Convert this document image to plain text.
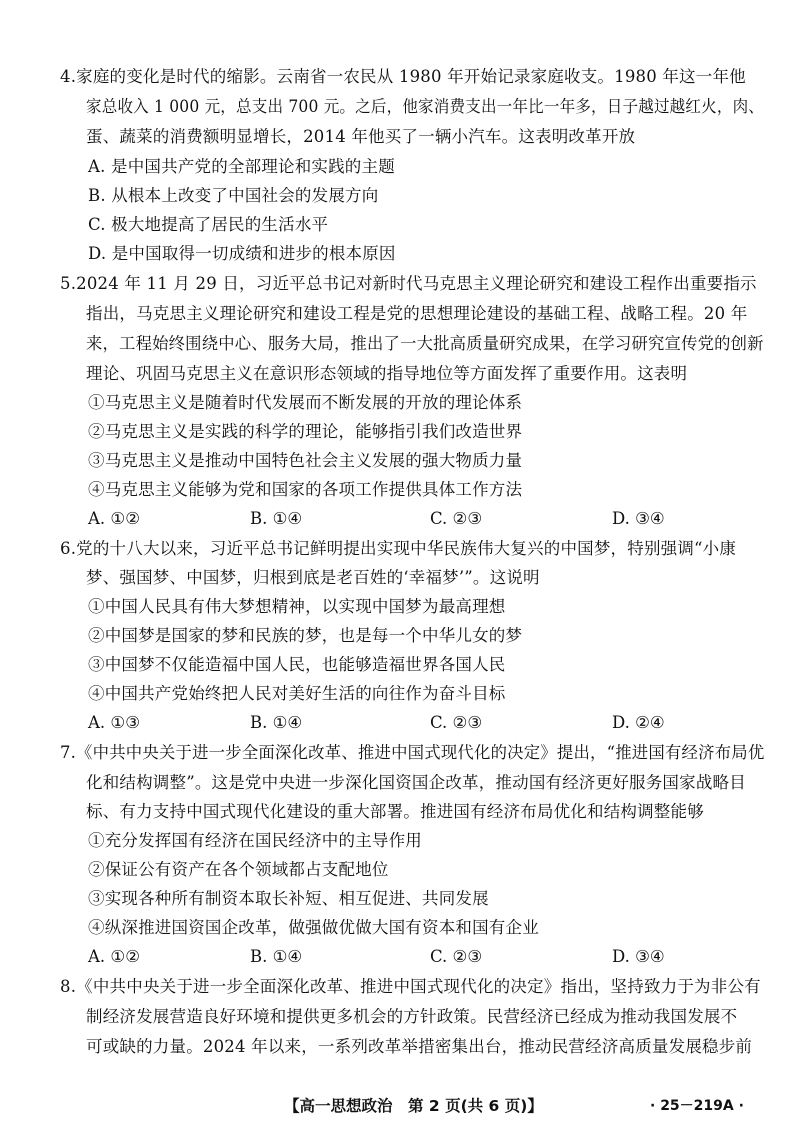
4.家庭的变化是时代的缩影。云南省一农民从 1980 年开始记录家庭收支。1980 年这一年他
家总收入 1 000 元，总支出 700 元。之后，他家消费支出一年比一年多，日子越过越红火，肉、
蛋、蔬菜的消费额明显增长，2014 年他买了一辆小汽车。这表明改革开放
A. 是中国共产党的全部理论和实践的主题
B. 从根本上改变了中国社会的发展方向
C. 极大地提高了居民的生活水平
D. 是中国取得一切成绩和进步的根本原因
5.2024 年 11 月 29 日，习近平总书记对新时代马克思主义理论研究和建设工程作出重要指示
指出，马克思主义理论研究和建设工程是党的思想理论建设的基础工程、战略工程。20 年
来，工程始终围绕中心、服务大局，推出了一大批高质量研究成果，在学习研究宣传党的创新
理论、巩固马克思主义在意识形态领域的指导地位等方面发挥了重要作用。这表明
①马克思主义是随着时代发展而不断发展的开放的理论体系
②马克思主义是实践的科学的理论，能够指引我们改造世界
③马克思主义是推动中国特色社会主义发展的强大物质力量
④马克思主义能够为党和国家的各项工作提供具体工作方法
A. ①②	B. ①④	C. ②③	D. ③④
6.党的十八大以来，习近平总书记鲜明提出实现中华民族伟大复兴的中国梦，特别强调“小康
梦、强国梦、中国梦，归根到底是老百姓的‘幸福梦’”。这说明
①中国人民具有伟大梦想精神，以实现中国梦为最高理想
②中国梦是国家的梦和民族的梦，也是每一个中华儿女的梦
③中国梦不仅能造福中国人民，也能够造福世界各国人民
④中国共产党始终把人民对美好生活的向往作为奋斗目标
A. ①③	B. ①④	C. ②③	D. ②④
7.《中共中央关于进一步全面深化改革、推进中国式现代化的决定》提出，“推进国有经济布局优
化和结构调整”。这是党中央进一步深化国资国企改革，推动国有经济更好服务国家战略目
标、有力支持中国式现代化建设的重大部署。推进国有经济布局优化和结构调整能够
①充分发挥国有经济在国民经济中的主导作用
②保证公有资产在各个领域都占支配地位
③实现各种所有制资本取长补短、相互促进、共同发展
④纵深推进国资国企改革，做强做优做大国有资本和国有企业
A. ①②	B. ①④	C. ②③	D. ③④
8.《中共中央关于进一步全面深化改革、推进中国式现代化的决定》指出，坚持致力于为非公有
制经济发展营造良好环境和提供更多机会的方针政策。民营经济已经成为推动我国发展不
可或缺的力量。2024 年以来，一系列改革举措密集出台，推动民营经济高质量发展稳步前
【高一思想政治　第 2 页(共 6 页)】	· 25－219A ·
